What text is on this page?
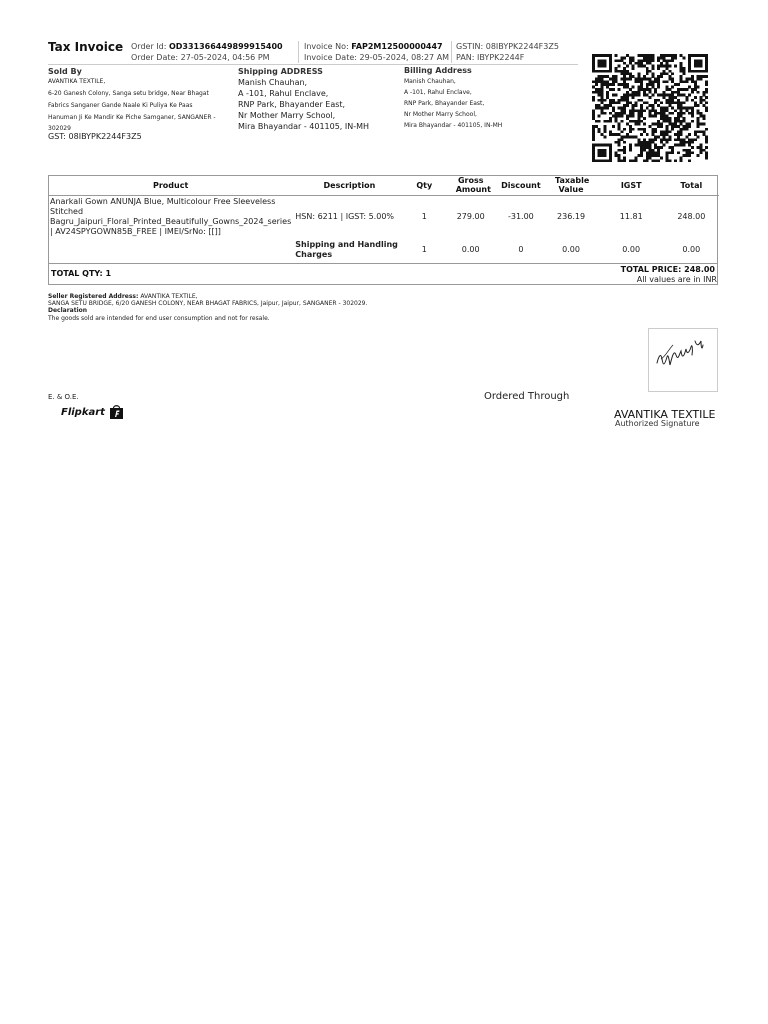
Tax Invoice Order Id: OD331366449899915400
Order Date: 27-05-2024, 04:56 PM
Invoice No: FAP2M12500000447
Invoice Date: 29-05-2024, 08:27 AM
GSTIN: 08IBYPK2244F3Z5
PAN: IBYPK2244F
Sold By
AVANTIKA TEXTILE,
6-20 Ganesh Colony, Sanga setu bridge, Near Bhagat
Fabrics Sanganer Gande Naale Ki Puliya Ke Paas
Hanuman Ji Ke Mandir Ke Piche Samganer, SANGANER -
302029
GST: 08IBYPK2244F3Z5
Shipping ADDRESS
Manish Chauhan,
A -101, Rahul Enclave,
RNP Park, Bhayander East,
Nr Mother Marry School,
Mira Bhayandar - 401105, IN-MH
Billing Address
Manish Chauhan,
A -101, Rahul Enclave,
RNP Park, Bhayander East,
Nr Mother Marry School,
Mira Bhayandar - 401105, IN-MH
Product	Description	Qty	Gross Amount	Discount	Taxable Value	IGST	Total
Anarkali Gown ANUNJA Blue, Multicolour Free Sleeveless Stitched Bagru_Jaipuri_Floral_Printed_Beautifully_Gowns_2024_series | AV24SPYGOWN85B_FREE | IMEI/SrNo: [[]]	HSN: 6211 | IGST: 5.00%	1	279.00	-31.00	236.19	11.81	248.00
	Shipping and Handling Charges	1	0.00	0	0.00	0.00	0.00
TOTAL QTY: 1	TOTAL PRICE: 248.00
All values are in INR
Seller Registered Address: AVANTIKA TEXTILE,
SANGA SETU BRIDGE, 6/20 GANESH COLONY, NEAR BHAGAT FABRICS, Jaipur, Jaipur, SANGANER - 302029.
Declaration
The goods sold are intended for end user consumption and not for resale.
E. & O.E.
Flipkart
Ordered Through
AVANTIKA TEXTILE
Authorized Signature
